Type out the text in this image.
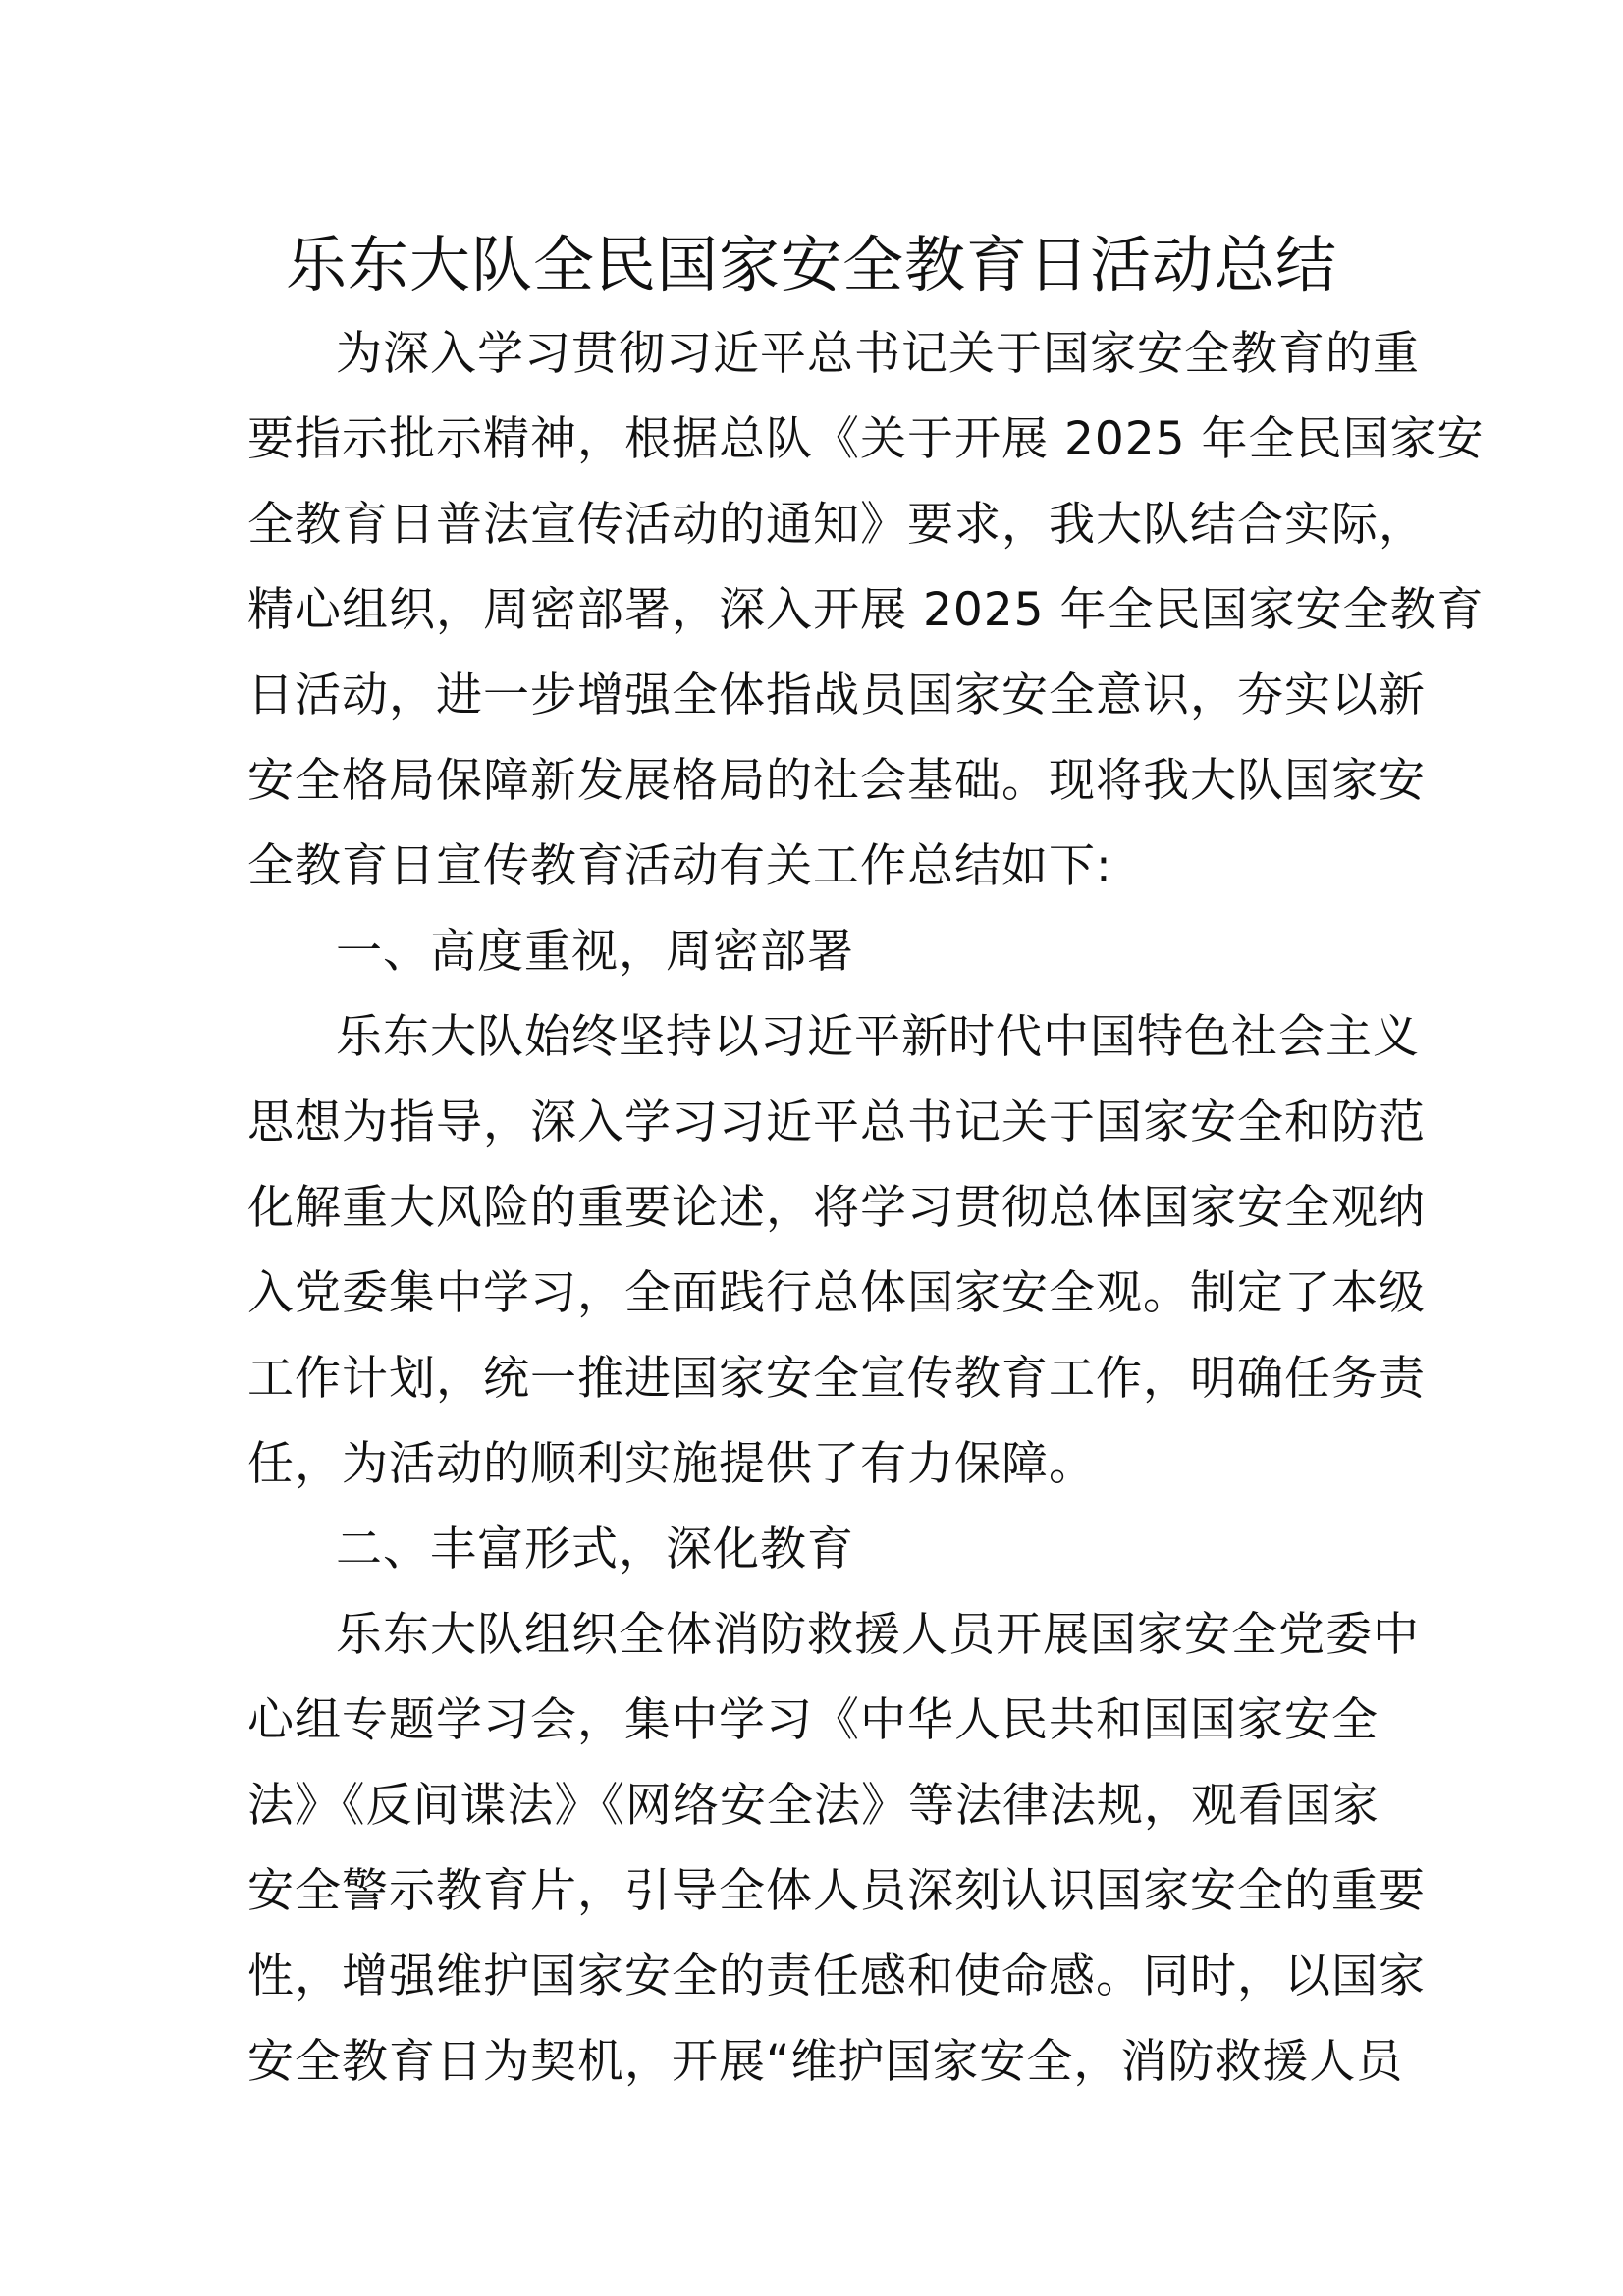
乐东大队全民国家安全教育日活动总结
为深入学习贯彻习近平总书记关于国家安全教育的重
要指示批示精神，根据总队《关于开展 2025 年全民国家安
全教育日普法宣传活动的通知》要求，我大队结合实际，
精心组织，周密部署，深入开展 2025 年全民国家安全教育
日活动，进一步增强全体指战员国家安全意识，夯实以新
安全格局保障新发展格局的社会基础。现将我大队国家安
全教育日宣传教育活动有关工作总结如下:
一、高度重视，周密部署
乐东大队始终坚持以习近平新时代中国特色社会主义
思想为指导，深入学习习近平总书记关于国家安全和防范
化解重大风险的重要论述，将学习贯彻总体国家安全观纳
入党委集中学习，全面践行总体国家安全观。制定了本级
工作计划，统一推进国家安全宣传教育工作，明确任务责
任，为活动的顺利实施提供了有力保障。
二、丰富形式，深化教育
乐东大队组织全体消防救援人员开展国家安全党委中
心组专题学习会，集中学习《中华人民共和国国家安全
法》《反间谍法》《网络安全法》等法律法规，观看国家
安全警示教育片，引导全体人员深刻认识国家安全的重要
性，增强维护国家安全的责任感和使命感。同时，以国家
安全教育日为契机，开展“维护国家安全，消防救援人员
